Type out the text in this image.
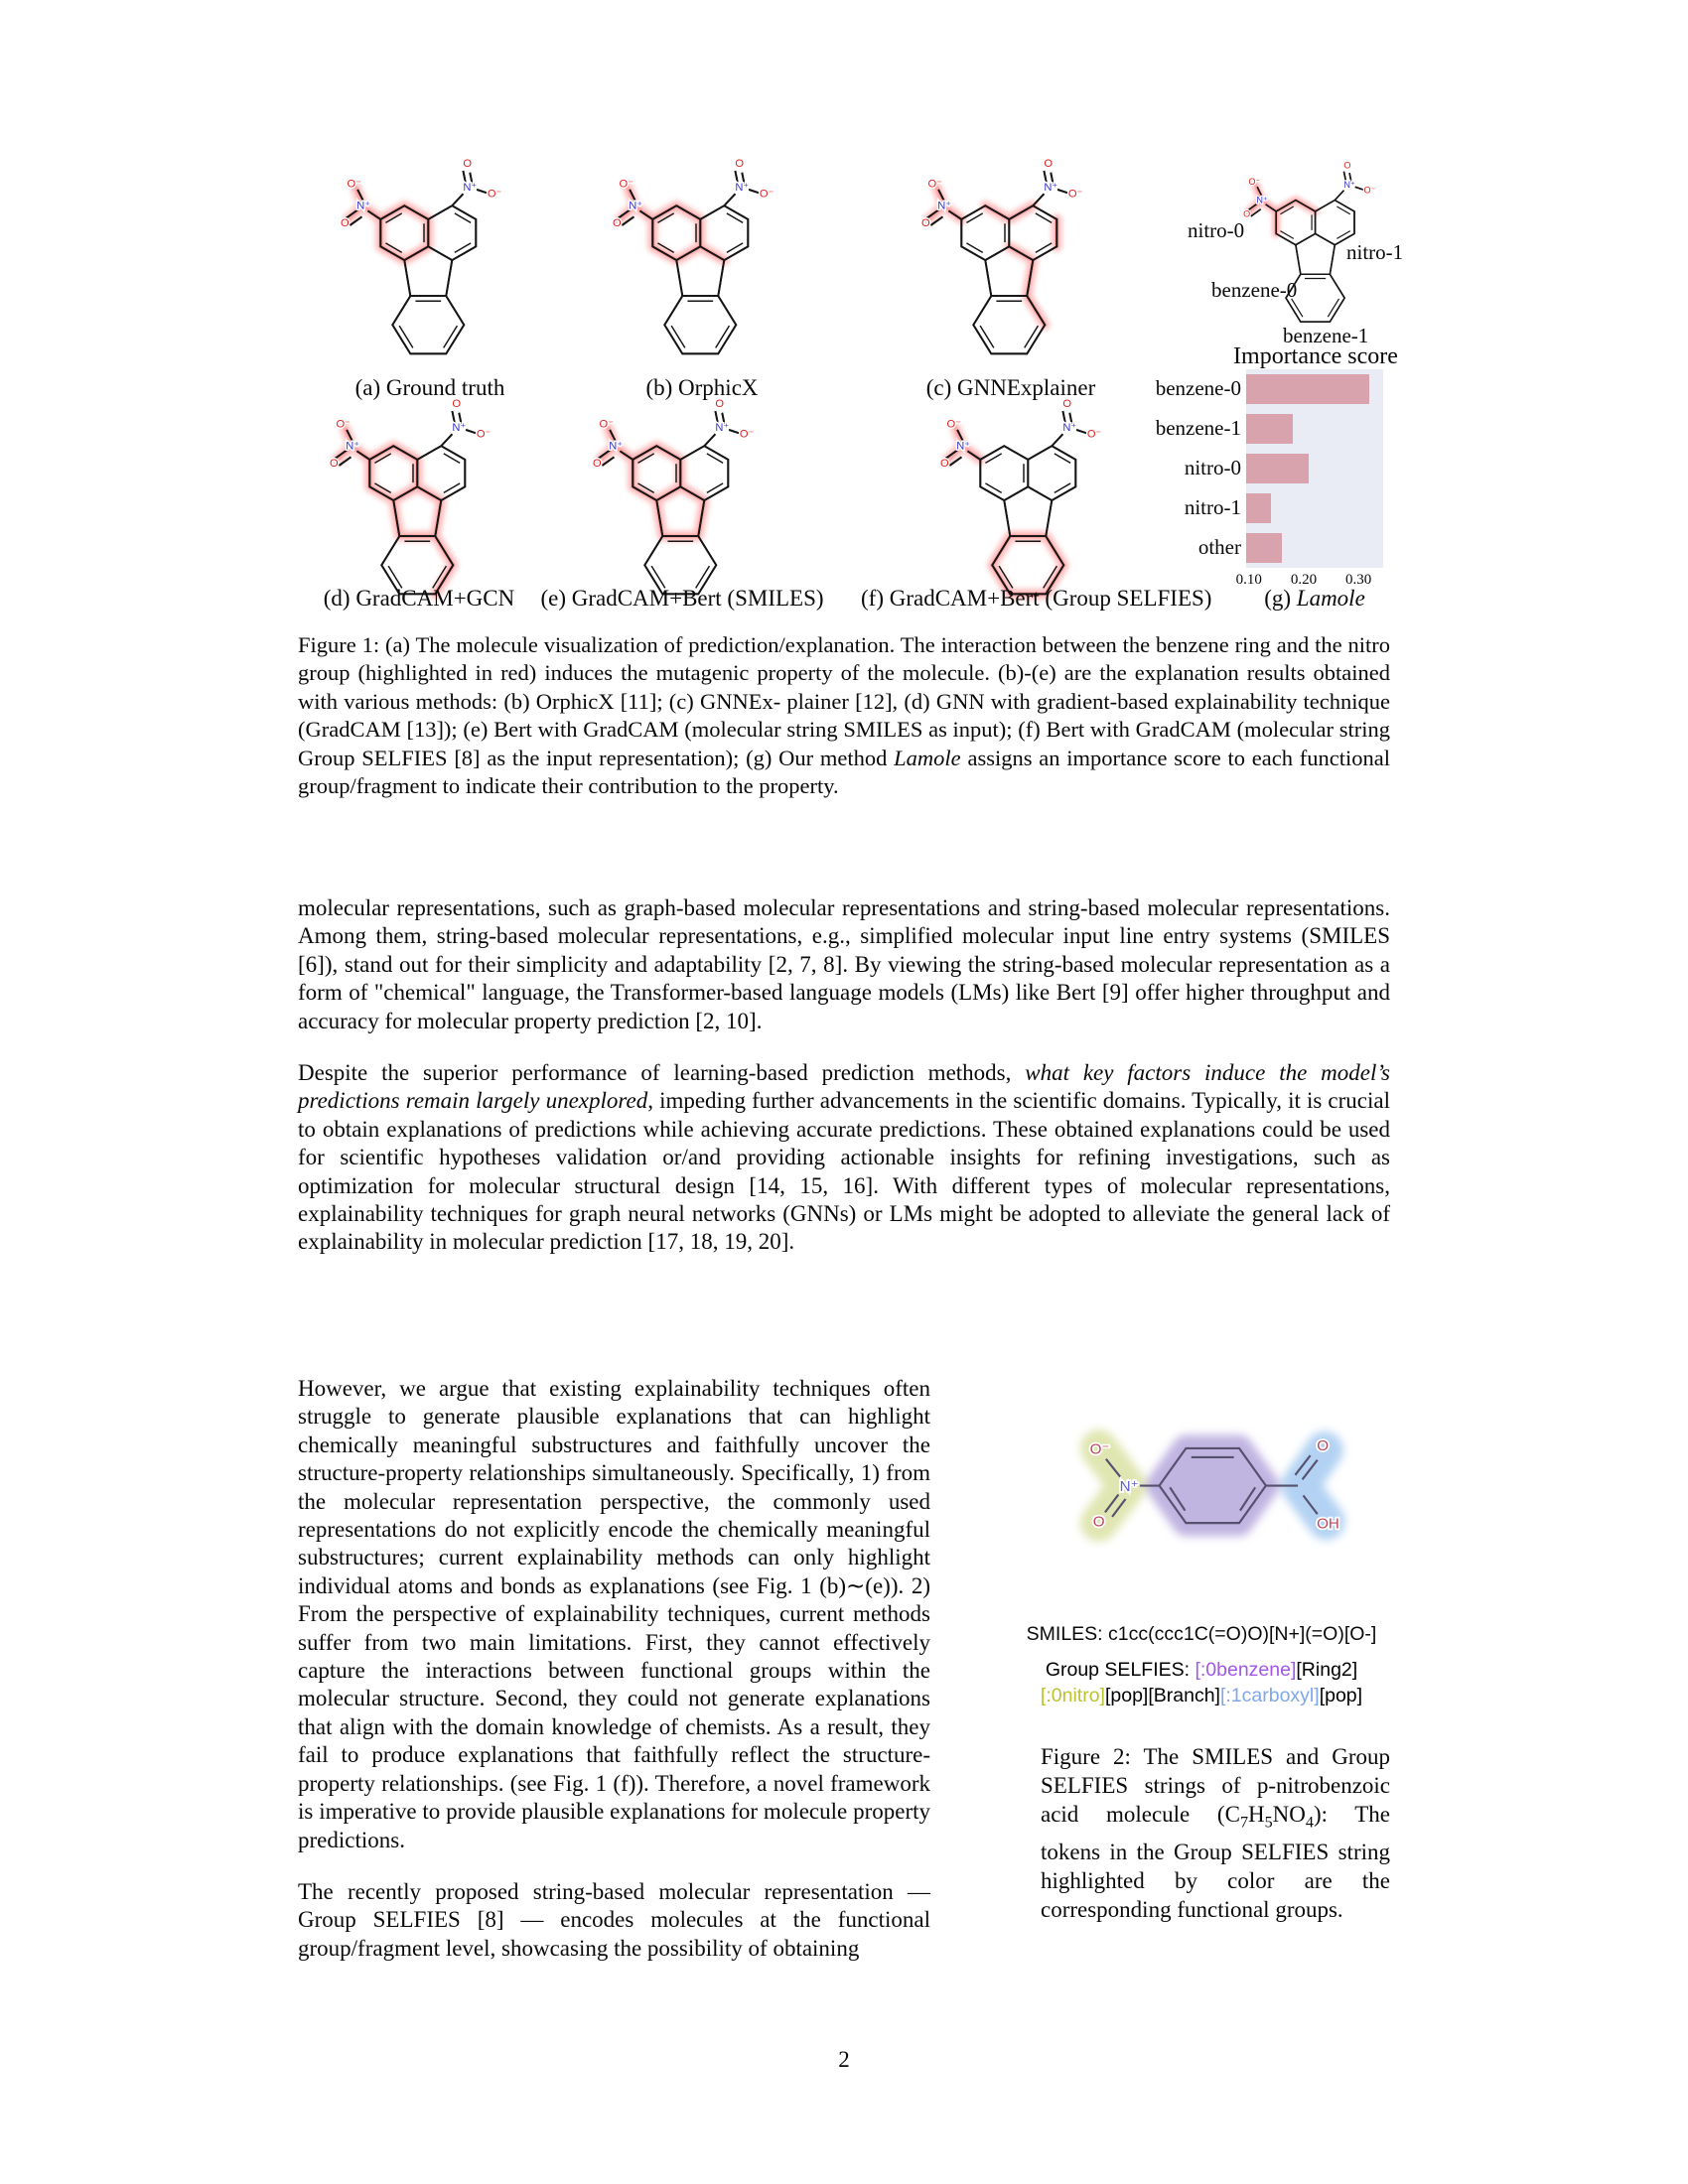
O⁻
N⁺
O
O
N⁺
O⁻
(a) Ground truth
O⁻
N⁺
O
O
N⁺
O⁻
(b) OrphicX
O⁻
N⁺
O
O
N⁺
O⁻
(c) GNNExplainer
O⁻
N⁺
O
O
N⁺
O⁻
(d) GradCAM+GCN
O⁻
N⁺
O
O
N⁺
O⁻
(e) GradCAM+Bert (SMILES)
O⁻
N⁺
O
O
N⁺
O⁻
(f) GradCAM+Bert (Group SELFIES)	(g) Lamole
O⁻
N⁺
O
O
N⁺
O⁻
nitro-0
nitro-1
benzene-0
benzene-1
Importance score
benzene-0
benzene-1
nitro-0
nitro-1
other
0.10	0.20	0.30
Figure 1: (a) The molecule visualization of prediction/explanation. The interaction between the benzene ring and the nitro group (highlighted in red) induces the mutagenic property of the molecule. (b)-(e) are the explanation results obtained with various methods: (b) OrphicX [11]; (c) GNNEx- plainer [12], (d) GNN with gradient-based explainability technique (GradCAM [13]); (e) Bert with GradCAM (molecular string SMILES as input); (f) Bert with GradCAM (molecular string Group SELFIES [8] as the input representation); (g) Our method Lamole assigns an importance score to each functional group/fragment to indicate their contribution to the property.

molecular representations, such as graph-based molecular representations and string-based molecular representations. Among them, string-based molecular representations, e.g., simplified molecular input line entry systems (SMILES [6]), stand out for their simplicity and adaptability [2, 7, 8]. By viewing the string-based molecular representation as a form of "chemical" language, the Transformer-based language models (LMs) like Bert [9] offer higher throughput and accuracy for molecular property prediction [2, 10].

Despite the superior performance of learning-based prediction methods, what key factors induce the model’s predictions remain largely unexplored, impeding further advancements in the scientific domains. Typically, it is crucial to obtain explanations of predictions while achieving accurate predictions. These obtained explanations could be used for scientific hypotheses validation or/and providing actionable insights for refining investigations, such as optimization for molecular structural design [14, 15, 16]. With different types of molecular representations, explainability techniques for graph neural networks (GNNs) or LMs might be adopted to alleviate the general lack of explainability in molecular prediction [17, 18, 19, 20].

However, we argue that existing explainability techniques often struggle to generate plausible explanations that can highlight chemically meaningful substructures and faithfully uncover the structure-property relationships simultaneously. Specifically, 1) from the molecular representation perspective, the commonly used representations do not explicitly encode the chemically meaningful substructures; current explainability methods can only highlight individual atoms and bonds as explanations (see Fig. 1 (b)∼(e)). 2) From the perspective of explainability techniques, current methods suffer from two main limitations. First, they cannot effectively capture the interactions between functional groups within the molecular structure. Second, they could not generate explanations that align with the domain knowledge of chemists. As a result, they fail to produce explanations that faithfully reflect the structure-property relationships. (see Fig. 1 (f)). Therefore, a novel framework is imperative to provide plausible explanations for molecule property predictions.

The recently proposed string-based molecular representation — Group SELFIES [8] — encodes molecules at the functional group/fragment level, showcasing the possibility of obtaining

O⁻
N⁺
O
O
OH
SMILES: c1cc(ccc1C(=O)O)[N+](=O)[O-]
Group SELFIES: [:0benzene][Ring2]
[:0nitro][pop][Branch][:1carboxyl][pop]
Figure 2: The SMILES and Group SELFIES strings of p-nitrobenzoic acid molecule $(C_7H_5NO_4)$: The tokens in the Group SELFIES string highlighted by color are the corresponding functional groups.
2
